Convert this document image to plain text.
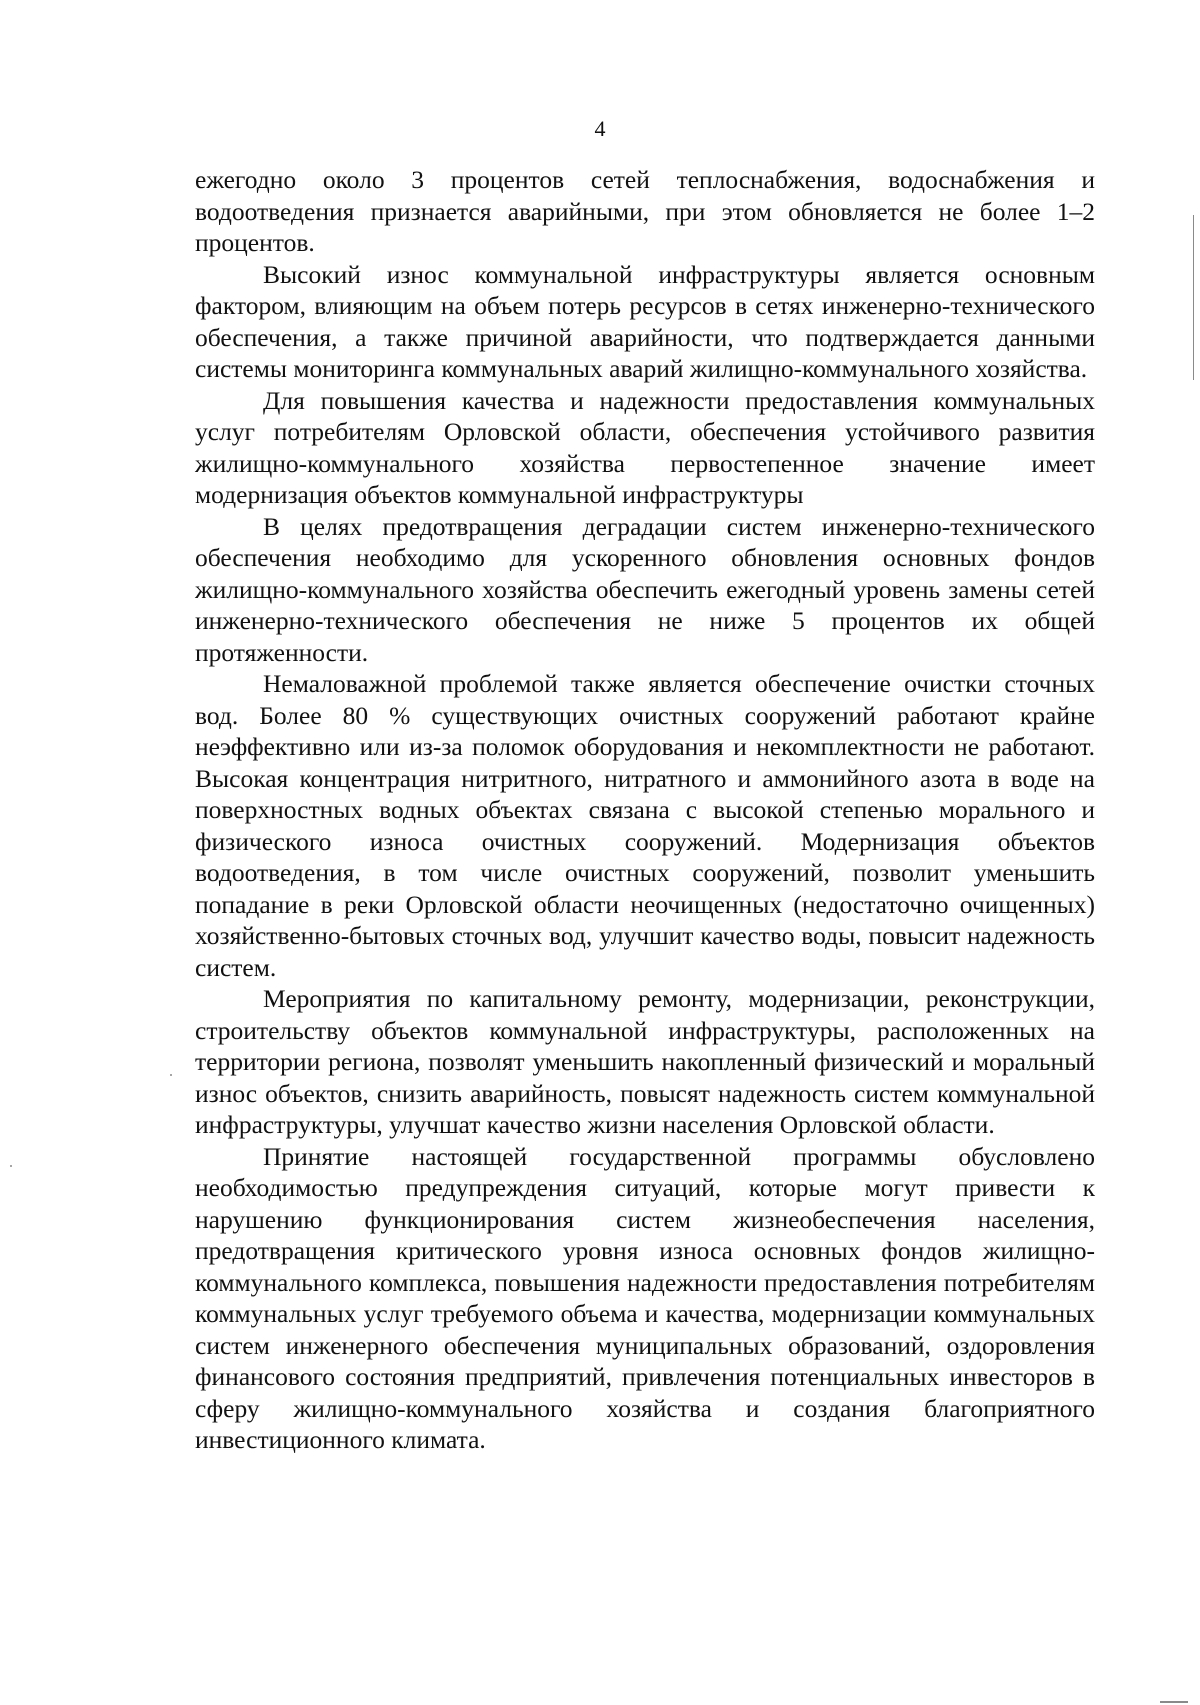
4

ежегодно около 3 процентов сетей теплоснабжения, водоснабжения и водоотведения признается аварийными, при этом обновляется не более 1–2 процентов.

Высокий износ коммунальной инфраструктуры является основным фактором, влияющим на объем потерь ресурсов в сетях инженерно-технического обеспечения, а также причиной аварийности, что подтверждается данными системы мониторинга коммунальных аварий жилищно-коммунального хозяйства.

Для повышения качества и надежности предоставления коммунальных услуг потребителям Орловской области, обеспечения устойчивого развития жилищно-коммунального хозяйства первостепенное значение имеет модернизация объектов коммунальной инфраструктуры

В целях предотвращения деградации систем инженерно-технического обеспечения необходимо для ускоренного обновления основных фондов жилищно-коммунального хозяйства обеспечить ежегодный уровень замены сетей инженерно-технического обеспечения не ниже 5 процентов их общей протяженности.

Немаловажной проблемой также является обеспечение очистки сточных вод. Более 80 % существующих очистных сооружений работают крайне неэффективно или из-за поломок оборудования и некомплектности не работают. Высокая концентрация нитритного, нитратного и аммонийного азота в воде на поверхностных водных объектах связана с высокой степенью морального и физического износа очистных сооружений. Модернизация объектов водоотведения, в том числе очистных сооружений, позволит уменьшить попадание в реки Орловской области неочищенных (недостаточно очищенных) хозяйственно-бытовых сточных вод, улучшит качество воды, повысит надежность систем.

Мероприятия по капитальному ремонту, модернизации, реконструкции, строительству объектов коммунальной инфраструктуры, расположенных на территории региона, позволят уменьшить накопленный физический и моральный износ объектов, снизить аварийность, повысят надежность систем коммунальной инфраструктуры, улучшат качество жизни населения Орловской области.

Принятие настоящей государственной программы обусловлено необходимостью предупреждения ситуаций, которые могут привести к нарушению функционирования систем жизнеобеспечения населения, предотвращения критического уровня износа основных фондов жилищно-коммунального комплекса, повышения надежности предоставления потребителям коммунальных услуг требуемого объема и качества, модернизации коммунальных систем инженерного обеспечения муниципальных образований, оздоровления финансового состояния предприятий, привлечения потенциальных инвесторов в сферу жилищно-коммунального хозяйства и создания благоприятного инвестиционного климата.
